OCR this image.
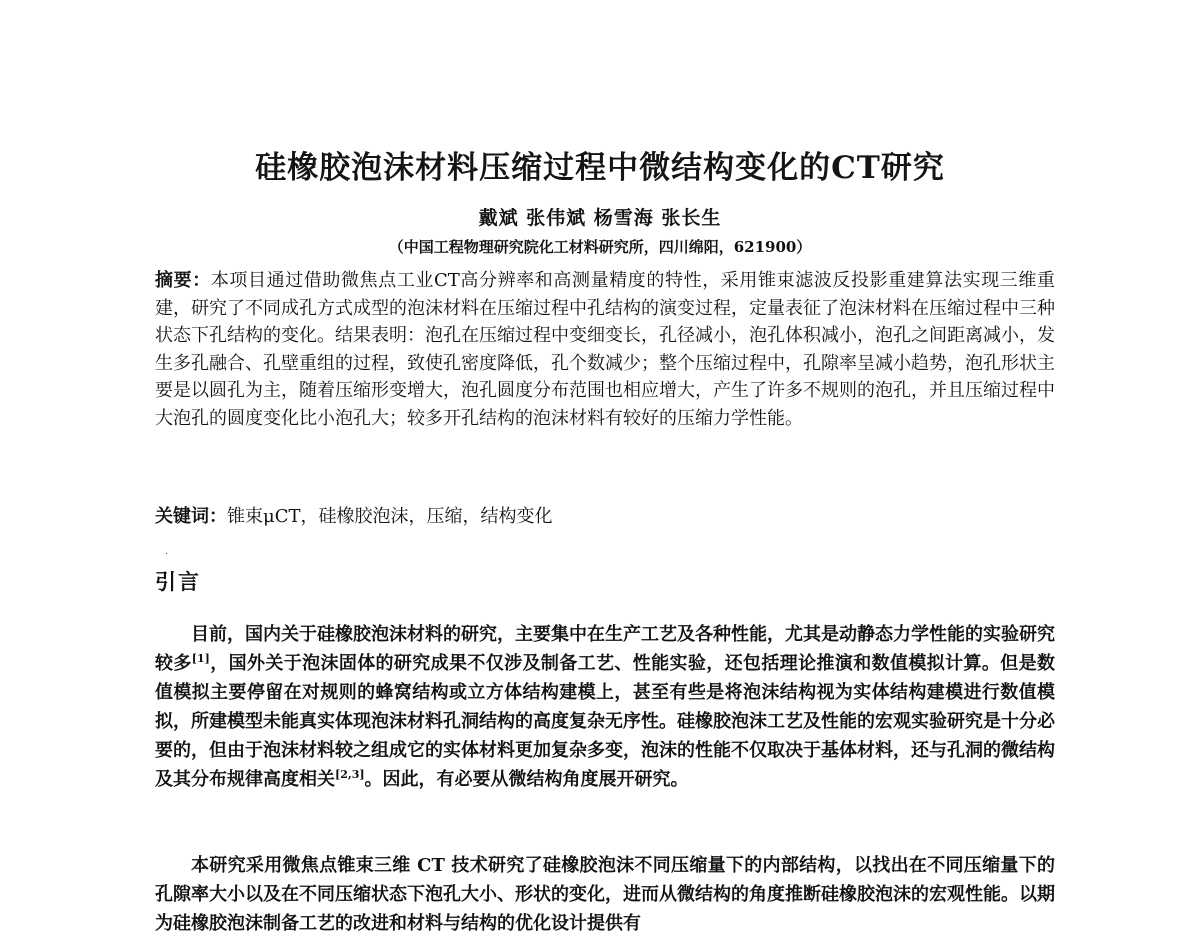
硅橡胶泡沫材料压缩过程中微结构变化的CT研究
戴斌 张伟斌 杨雪海 张长生
（中国工程物理研究院化工材料研究所，四川绵阳，621900）

摘要：本项目通过借助微焦点工业CT高分辨率和高测量精度的特性，采用锥束滤波反投影重建算法实现三维重建，研究了不同成孔方式成型的泡沫材料在压缩过程中孔结构的演变过程，定量表征了泡沫材料在压缩过程中三种状态下孔结构的变化。结果表明：泡孔在压缩过程中变细变长，孔径减小，泡孔体积减小，泡孔之间距离减小，发生多孔融合、孔壁重组的过程，致使孔密度降低，孔个数减少；整个压缩过程中，孔隙率呈减小趋势，泡孔形状主要是以圆孔为主，随着压缩形变增大，泡孔圆度分布范围也相应增大，产生了许多不规则的泡孔，并且压缩过程中大泡孔的圆度变化比小泡孔大；较多开孔结构的泡沫材料有较好的压缩力学性能。

关键词：锥束μCT，硅橡胶泡沫，压缩，结构变化

·
引言

目前，国内关于硅橡胶泡沫材料的研究，主要集中在生产工艺及各种性能，尤其是动静态力学性能的实验研究较多[1]，国外关于泡沫固体的研究成果不仅涉及制备工艺、性能实验，还包括理论推演和数值模拟计算。但是数值模拟主要停留在对规则的蜂窝结构或立方体结构建模上，甚至有些是将泡沫结构视为实体结构建模进行数值模拟，所建模型未能真实体现泡沫材料孔洞结构的高度复杂无序性。硅橡胶泡沫工艺及性能的宏观实验研究是十分必要的，但由于泡沫材料较之组成它的实体材料更加复杂多变，泡沫的性能不仅取决于基体材料，还与孔洞的微结构及其分布规律高度相关[2,3]。因此，有必要从微结构角度展开研究。

本研究采用微焦点锥束三维 CT 技术研究了硅橡胶泡沫不同压缩量下的内部结构，以找出在不同压缩量下的孔隙率大小以及在不同压缩状态下泡孔大小、形状的变化，进而从微结构的角度推断硅橡胶泡沫的宏观性能。以期为硅橡胶泡沫制备工艺的改进和材料与结构的优化设计提供有
